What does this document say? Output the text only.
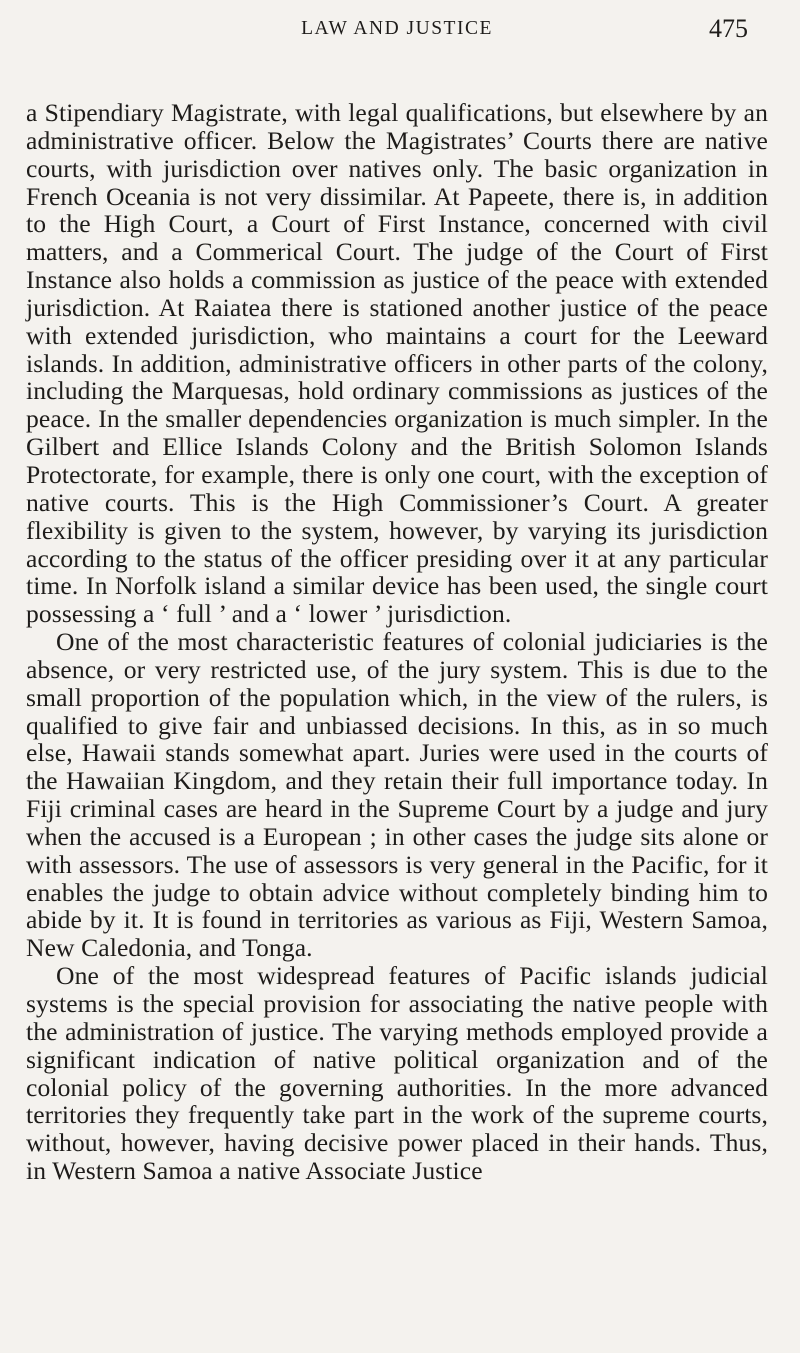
LAW AND JUSTICE	475

a Stipendiary Magistrate, with legal qualifications, but elsewhere by an administrative officer. Below the Magistrates’ Courts there are native courts, with jurisdiction over natives only. The basic organization in French Oceania is not very dissimilar. At Papeete, there is, in addition to the High Court, a Court of First Instance, concerned with civil matters, and a Commerical Court. The judge of the Court of First Instance also holds a commission as justice of the peace with extended jurisdiction. At Raiatea there is stationed another justice of the peace with extended jurisdiction, who maintains a court for the Leeward islands. In addition, administrative officers in other parts of the colony, including the Marquesas, hold ordinary commissions as justices of the peace. In the smaller dependencies organization is much simpler. In the Gilbert and Ellice Islands Colony and the British Solomon Islands Protectorate, for example, there is only one court, with the exception of native courts. This is the High Commissioner’s Court. A greater flexibility is given to the system, however, by varying its jurisdiction according to the status of the officer presiding over it at any particular time. In Norfolk island a similar device has been used, the single court possessing a ‘ full ’ and a ‘ lower ’ jurisdiction.

One of the most characteristic features of colonial judiciaries is the absence, or very restricted use, of the jury system. This is due to the small proportion of the population which, in the view of the rulers, is qualified to give fair and unbiassed decisions. In this, as in so much else, Hawaii stands somewhat apart. Juries were used in the courts of the Hawaiian Kingdom, and they retain their full importance today. In Fiji criminal cases are heard in the Supreme Court by a judge and jury when the accused is a European ; in other cases the judge sits alone or with assessors. The use of assessors is very general in the Pacific, for it enables the judge to obtain advice without completely binding him to abide by it. It is found in territories as various as Fiji, Western Samoa, New Caledonia, and Tonga.

One of the most widespread features of Pacific islands judicial systems is the special provision for associating the native people with the administration of justice. The varying methods employed provide a significant indication of native political organization and of the colonial policy of the governing authorities. In the more advanced territories they frequently take part in the work of the supreme courts, without, however, having decisive power placed in their hands. Thus, in Western Samoa a native Associate Justice
